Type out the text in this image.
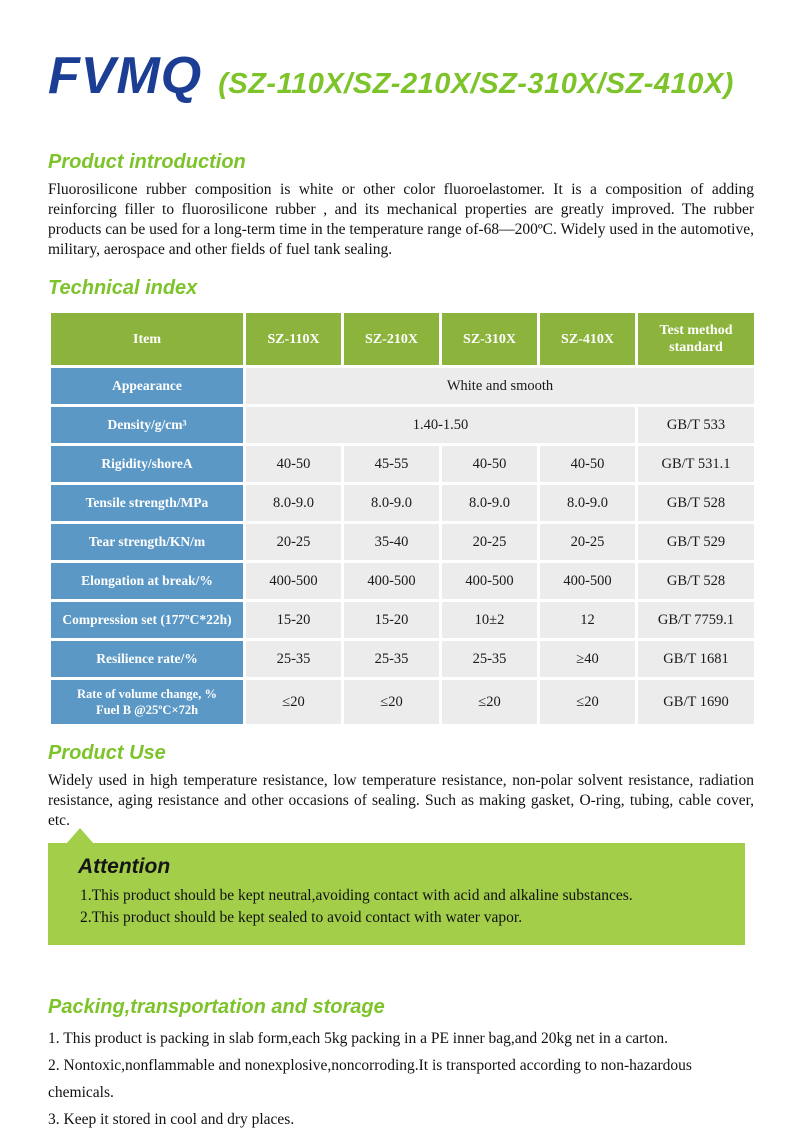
FVMQ (SZ-110X/SZ-210X/SZ-310X/SZ-410X)
Product introduction

Fluorosilicone rubber composition is white or other color fluoroelastomer. It is a composition of adding reinforcing filler to fluorosilicone rubber , and its mechanical properties are greatly improved. The rubber products can be used for a long-term time in the temperature range of-68—200ºC. Widely used in the automotive, military, aerospace and other fields of fuel tank sealing.

Technical index
Item	SZ-110X	SZ-210X	SZ-310X	SZ-410X	Test method standard
Appearance	White and smooth				
Density/g/cm³	1.40-1.50				GB/T 533
Rigidity/shoreA	40-50	45-55	40-50	40-50	GB/T 531.1
Tensile strength/MPa	8.0-9.0	8.0-9.0	8.0-9.0	8.0-9.0	GB/T 528
Tear strength/KN/m	20-25	35-40	20-25	20-25	GB/T 529
Elongation at break/%	400-500	400-500	400-500	400-500	GB/T 528
Compression set (177ºC*22h)	15-20	15-20	10±2	12	GB/T 7759.1
Resilience rate/%	25-35	25-35	25-35	≥40	GB/T 1681

Rate of volume change, %
Fuel B @25ºC×72h	≤20	≤20	≤20	≤20	GB/T 1690
Product Use

Widely used in high temperature resistance, low temperature resistance, non-polar solvent resistance, radiation resistance, aging resistance and other occasions of sealing. Such as making gasket, O-ring, tubing, cable cover, etc.

Attention

1.This product should be kept neutral,avoiding contact with acid and alkaline substances.

2.This product should be kept sealed to avoid contact with water vapor.

Packing,transportation and storage

1. This product is packing in slab form,each 5kg packing in a PE inner bag,and 20kg net in a carton.

2. Nontoxic,nonflammable and nonexplosive,noncorroding.It is transported according to non-hazardous chemicals.

3. Keep it stored in cool and dry places.
